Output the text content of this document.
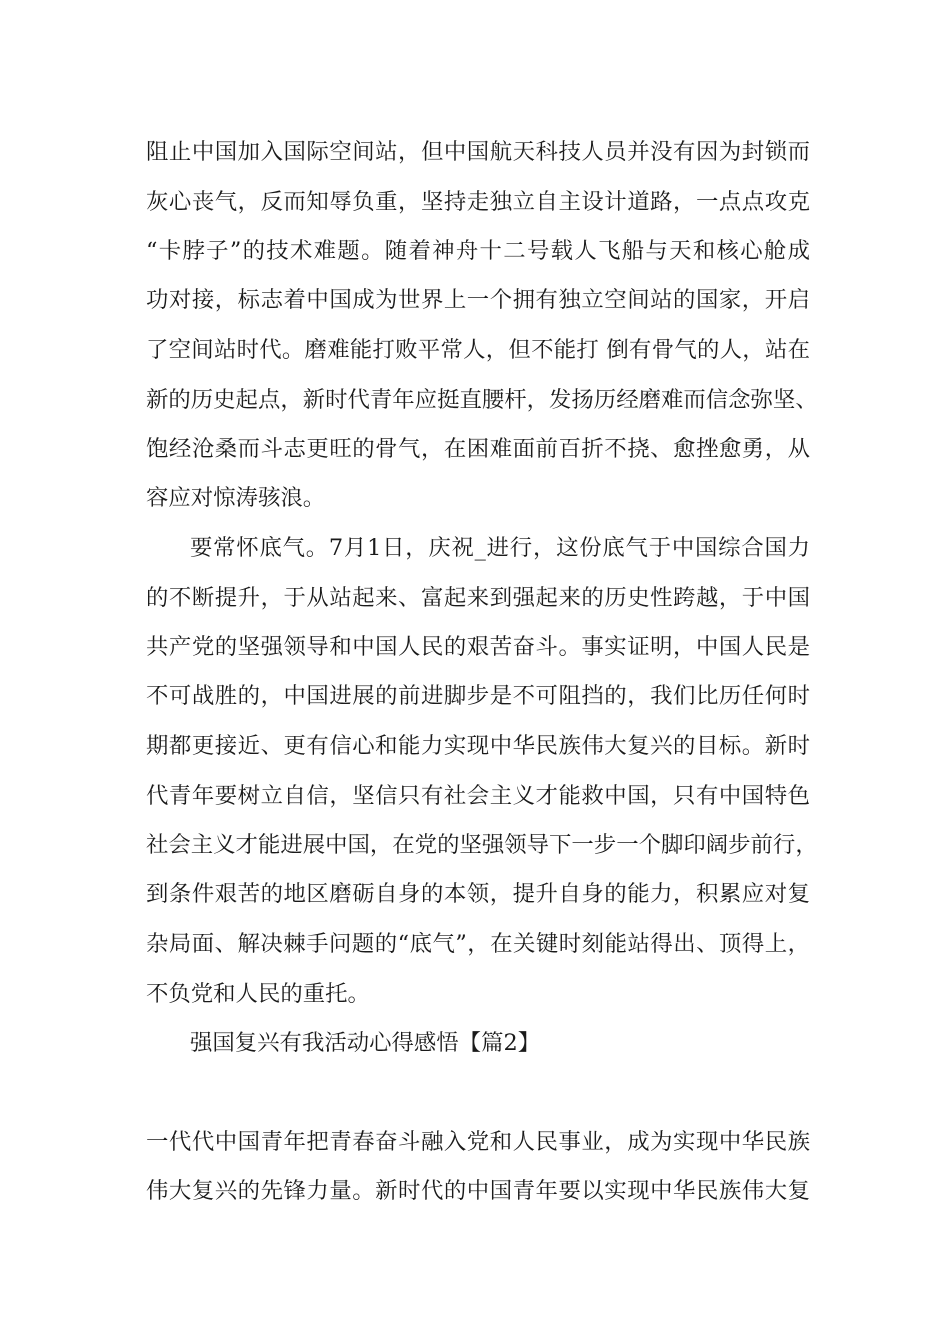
阻止中国加入国际空间站，但中国航天科技人员并没有因为封锁而
灰心丧气，反而知辱负重，坚持走独立自主设计道路，一点点攻克
“卡脖子”的技术难题。随着神舟十二号载人飞船与天和核心舱成
功对接，标志着中国成为世界上一个拥有独立空间站的国家，开启
了空间站时代。磨难能打败平常人，但不能打 倒有骨气的人，站在
新的历史起点，新时代青年应挺直腰杆，发扬历经磨难而信念弥坚、
饱经沧桑而斗志更旺的骨气，在困难面前百折不挠、愈挫愈勇，从
容应对惊涛骇浪。
要常怀底气。7月1日，庆祝_进行，这份底气于中国综合国力
的不断提升，于从站起来、富起来到强起来的历史性跨越，于中国
共产党的坚强领导和中国人民的艰苦奋斗。事实证明，中国人民是
不可战胜的，中国进展的前进脚步是不可阻挡的，我们比历任何时
期都更接近、更有信心和能力实现中华民族伟大复兴的目标。新时
代青年要树立自信，坚信只有社会主义才能救中国，只有中国特色
社会主义才能进展中国，在党的坚强领导下一步一个脚印阔步前行，
到条件艰苦的地区磨砺自身的本领，提升自身的能力，积累应对复
杂局面、解决棘手问题的“底气”，在关键时刻能站得出、顶得上，
不负党和人民的重托。
强国复兴有我活动心得感悟【篇2】
一代代中国青年把青春奋斗融入党和人民事业，成为实现中华民族
伟大复兴的先锋力量。新时代的中国青年要以实现中华民族伟大复
